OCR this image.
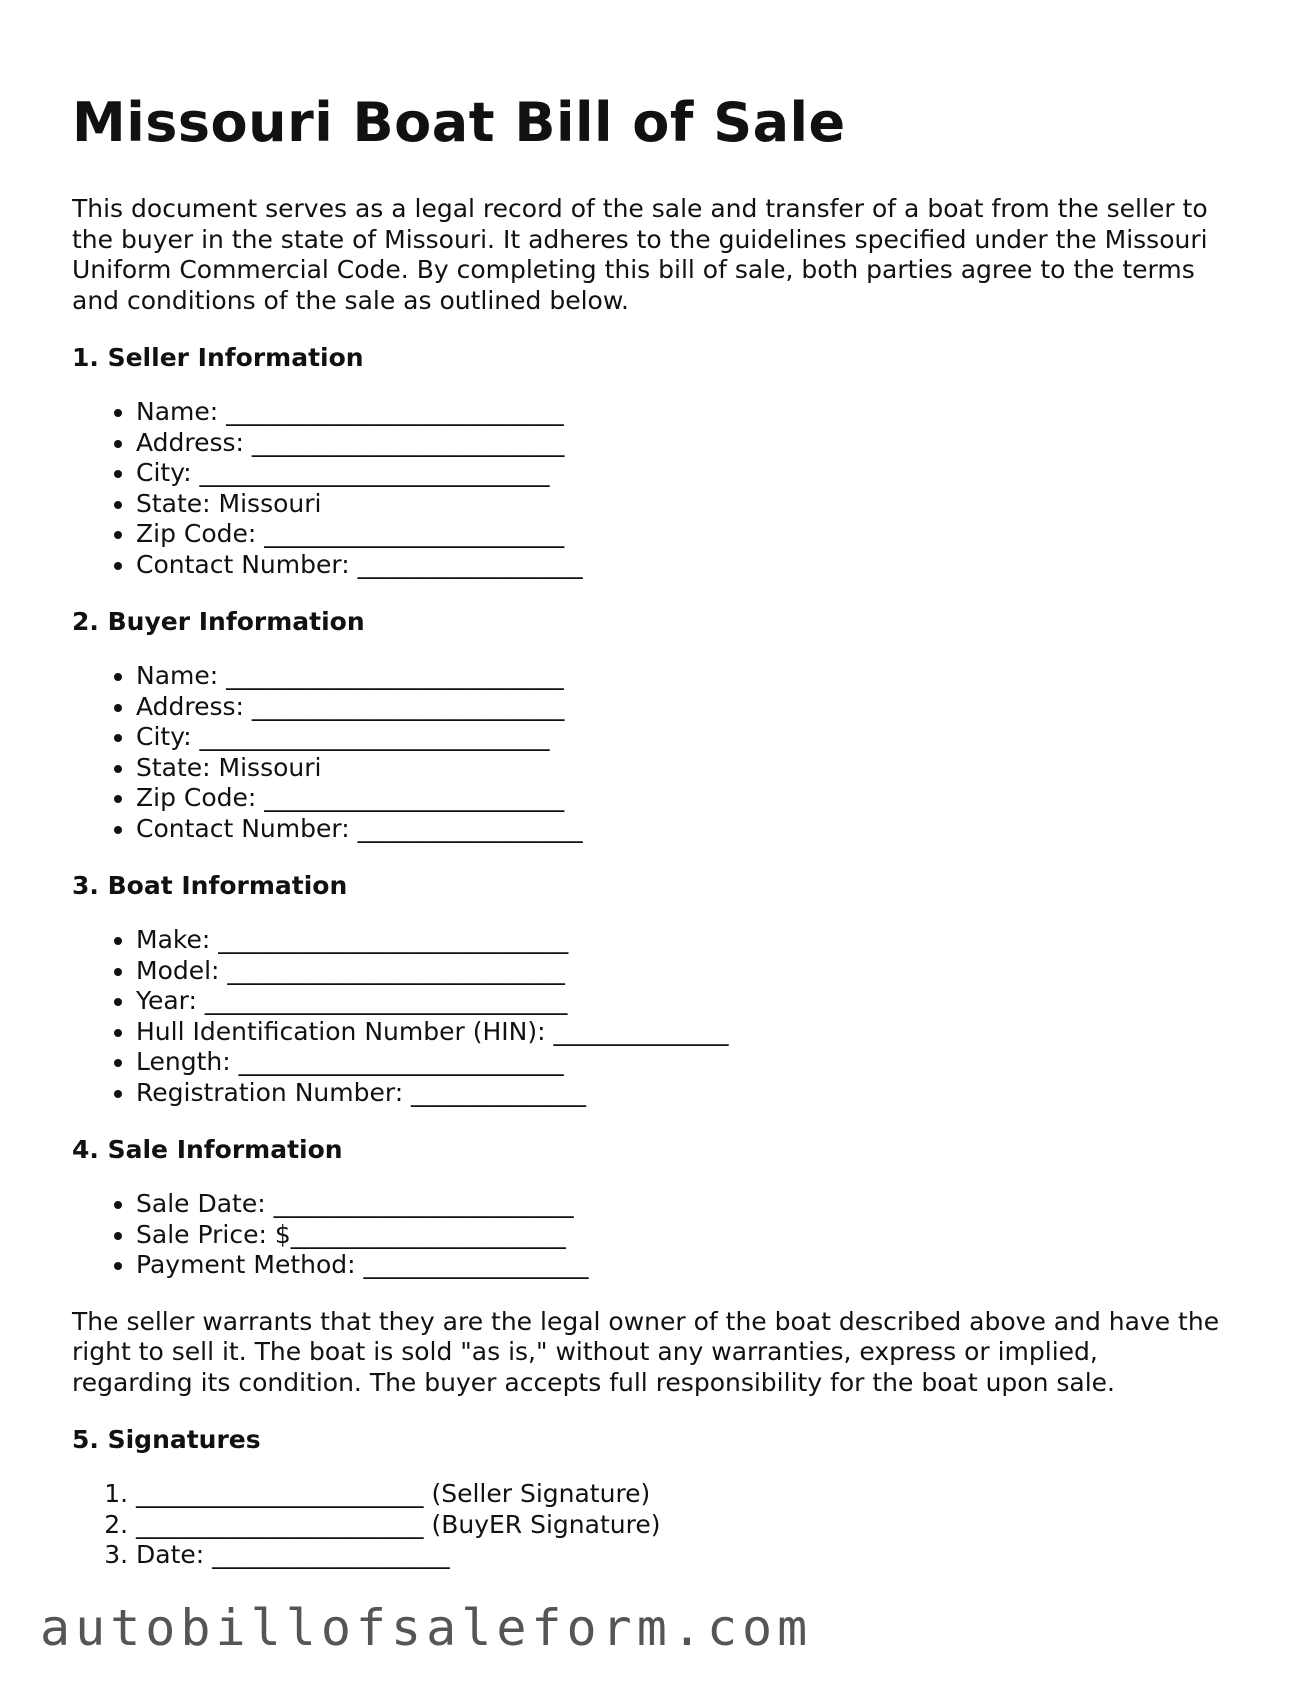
Missouri Boat Bill of Sale

This document serves as a legal record of the sale and transfer of a boat from the seller to the buyer in the state of Missouri. It adheres to the guidelines specified under the Missouri Uniform Commercial Code. By completing this bill of sale, both parties agree to the terms and conditions of the sale as outlined below.

1. Seller Information
• Name: ___________________________
• Address: _________________________
• City: ____________________________
• State: Missouri
• Zip Code: ________________________
• Contact Number: __________________
2. Buyer Information
• Name: ___________________________
• Address: _________________________
• City: ____________________________
• State: Missouri
• Zip Code: ________________________
• Contact Number: __________________
3. Boat Information
• Make: ____________________________
• Model: ___________________________
• Year: _____________________________
• Hull Identification Number (HIN): ______________
• Length: __________________________
• Registration Number: ______________
4. Sale Information
• Sale Date: ________________________
• Sale Price: $______________________
• Payment Method: __________________

The seller warrants that they are the legal owner of the boat described above and have the right to sell it. The boat is sold "as is," without any warranties, express or implied, regarding its condition. The buyer accepts full responsibility for the boat upon sale.

5. Signatures
1. _______________________ (Seller Signature)
2. _______________________ (BuyER Signature)
3. Date: ___________________
autobillofsaleform.com
